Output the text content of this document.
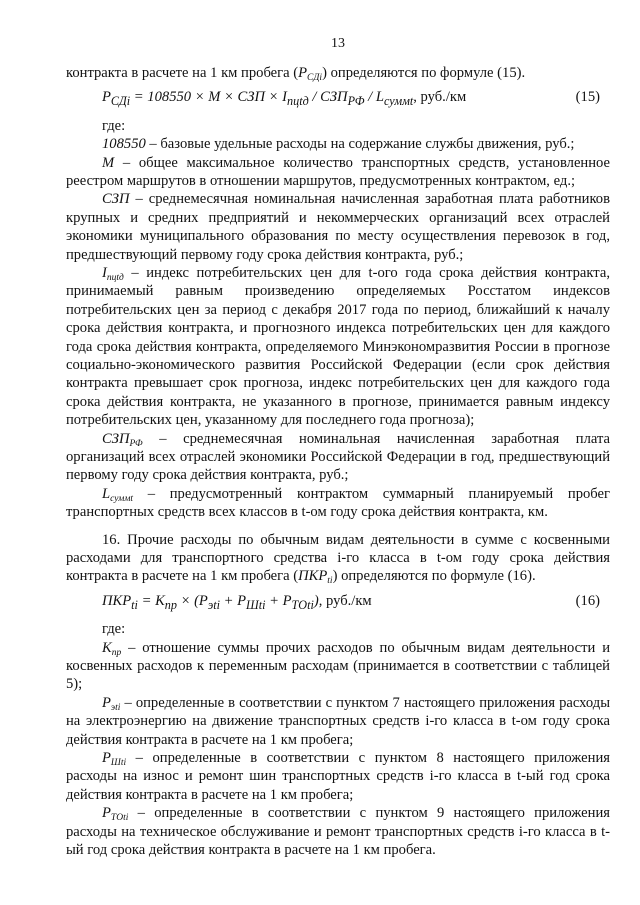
13

контракта в расчете на 1 км пробега $(Р_{СДi})$ определяются по формуле (15).

$Р_{СДi} = 108550 \times М$ × СЗП × $I_{пцtд} / СЗП_{РФ} / L_{суммt}$, руб./км	(15)

где:

108550 – базовые удельные расходы на содержание службы движения, руб.;

М – общее максимальное количество транспортных средств, установленное реестром маршрутов в отношении маршрутов, предусмотренных контрактом, ед.;

СЗП – среднемесячная номинальная начисленная заработная плата работников крупных и средних предприятий и некоммерческих организаций всех отраслей экономики муниципального образования по месту осуществления перевозок в год, предшествующий первому году срока действия контракта, руб.;

$I_{пцtд}$ – индекс потребительских цен для t-ого года срока действия контракта, принимаемый равным произведению определяемых Росстатом индексов потребительских цен за период с декабря 2017 года по период, ближайший к началу срока действия контракта, и прогнозного индекса потребительских цен для каждого года срока действия контракта, определяемого Минэкономразвития России в прогнозе социально-экономического развития Российской Федерации (если срок действия контракта превышает срок прогноза, индекс потребительских цен для каждого года срока действия контракта, не указанного в прогнозе, принимается равным индексу потребительских цен, указанному для последнего года прогноза);

$СЗП_{РФ}$ – среднемесячная номинальная начисленная заработная плата организаций всех отраслей экономики Российской Федерации в год, предшествующий первому году срока действия контракта, руб.;

$L_{суммt}$ – предусмотренный контрактом суммарный планируемый пробег транспортных средств всех классов в t-ом году срока действия контракта, км.

16. Прочие расходы по обычным видам деятельности в сумме с косвенными расходами для транспортного средства i-го класса в t-ом году срока действия контракта в расчете на 1 км пробега $(ПКР_{ti})$ определяются по формуле (16).

$ПКР_{ti} = К_{пр} \times (Р_{эti} + Р_{Шti} + Р_{ТОti})$, руб./км	(16)

где:

$К_{пр}$ – отношение суммы прочих расходов по обычным видам деятельности и косвенных расходов к переменным расходам (принимается в соответствии с таблицей 5);

$Р_{эti}$ – определенные в соответствии с пунктом 7 настоящего приложения расходы на электроэнергию на движение транспортных средств i-го класса в t-ом году срока действия контракта в расчете на 1 км пробега;

$Р_{Шti}$ – определенные в соответствии с пунктом 8 настоящего приложения расходы на износ и ремонт шин транспортных средств i-го класса в t-ый год срока действия контракта в расчете на 1 км пробега;

$Р_{ТОti}$ – определенные в соответствии с пунктом 9 настоящего приложения расходы на техническое обслуживание и ремонт транспортных средств i-го класса в t-ый год срока действия контракта в расчете на 1 км пробега.
